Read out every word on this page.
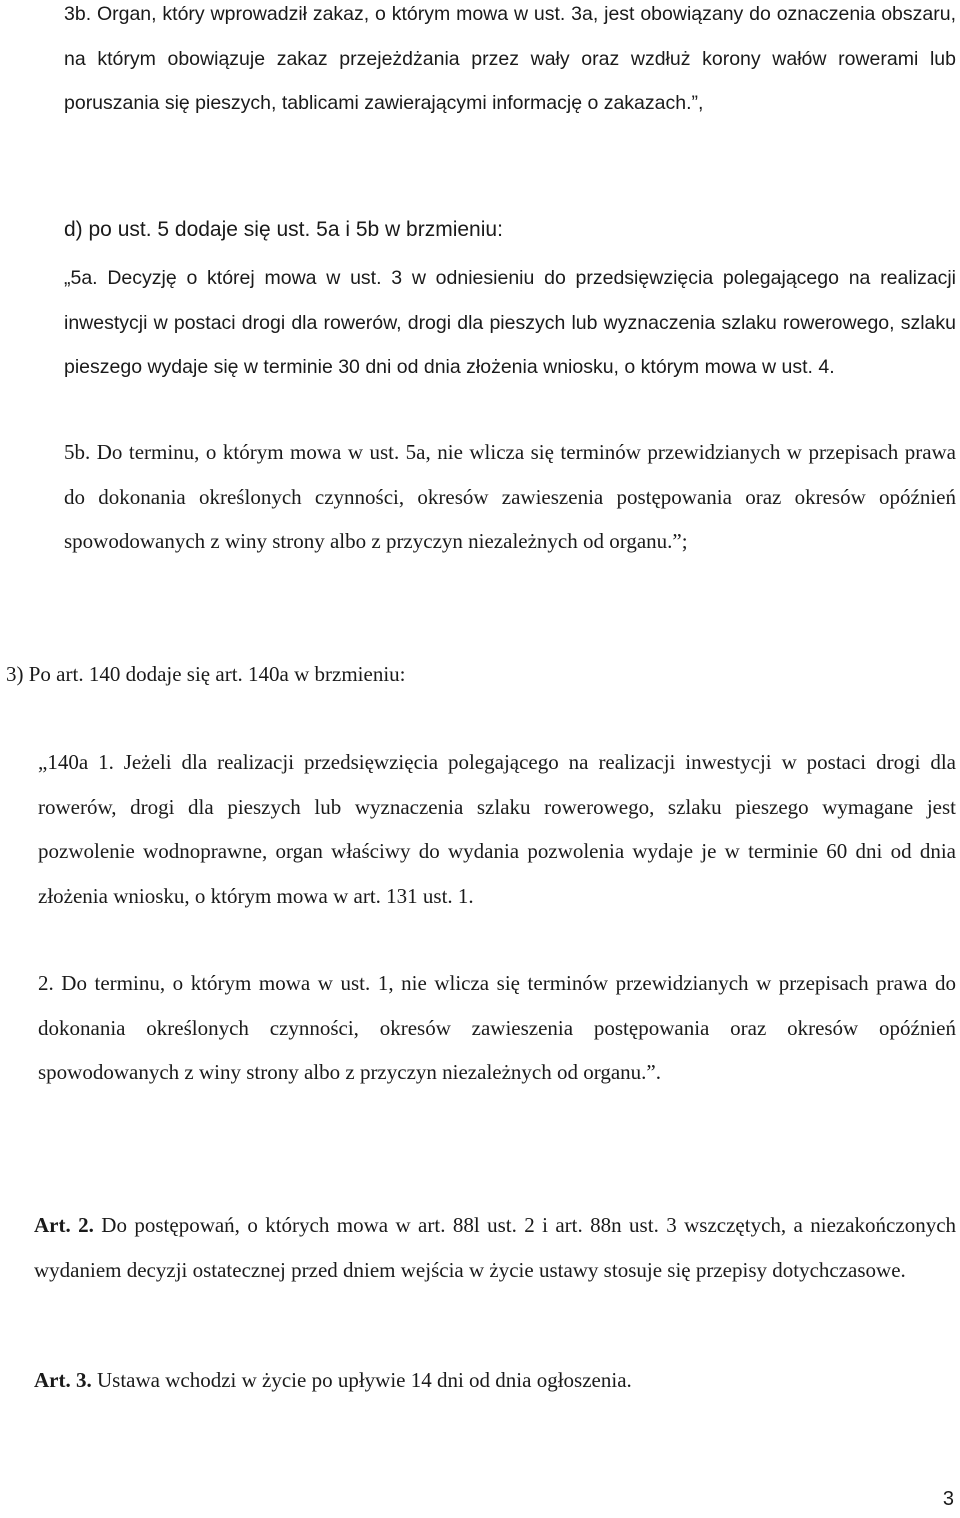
3b. Organ, który wprowadził zakaz, o którym mowa w ust. 3a, jest obowiązany do oznaczenia obszaru, na którym obowiązuje zakaz przejeżdżania przez wały oraz wzdłuż korony wałów rowerami lub poruszania się pieszych, tablicami zawierającymi informację o zakazach.”,

d) po ust. 5 dodaje się ust. 5a i 5b w brzmieniu:

„5a. Decyzję o której mowa w ust. 3 w odniesieniu do przedsięwzięcia polegającego na realizacji inwestycji w postaci drogi dla rowerów, drogi dla pieszych lub wyznaczenia szlaku rowerowego, szlaku pieszego wydaje się w terminie 30 dni od dnia złożenia wniosku, o którym mowa w ust. 4.

5b. Do terminu, o którym mowa w ust. 5a, nie wlicza się terminów przewidzianych w przepisach prawa do dokonania określonych czynności, okresów zawieszenia postępowania oraz okresów opóźnień spowodowanych z winy strony albo z przyczyn niezależnych od organu.”;

3) Po art. 140 dodaje się art. 140a w brzmieniu:

„140a 1. Jeżeli dla realizacji przedsięwzięcia polegającego na realizacji inwestycji w postaci drogi dla rowerów, drogi dla pieszych lub wyznaczenia szlaku rowerowego, szlaku pieszego wymagane jest pozwolenie wodnoprawne, organ właściwy do wydania pozwolenia wydaje je w terminie 60 dni od dnia złożenia wniosku, o którym mowa w art. 131 ust. 1.

2. Do terminu, o którym mowa w ust. 1, nie wlicza się terminów przewidzianych w przepisach prawa do dokonania określonych czynności, okresów zawieszenia postępowania oraz okresów opóźnień spowodowanych z winy strony albo z przyczyn niezależnych od organu.”.

Art. 2. Do postępowań, o których mowa w art. 88l ust. 2 i art. 88n ust. 3 wszczętych, a niezakończonych wydaniem decyzji ostatecznej przed dniem wejścia w życie ustawy stosuje się przepisy dotychczasowe.

Art. 3. Ustawa wchodzi w życie po upływie 14 dni od dnia ogłoszenia.

3
